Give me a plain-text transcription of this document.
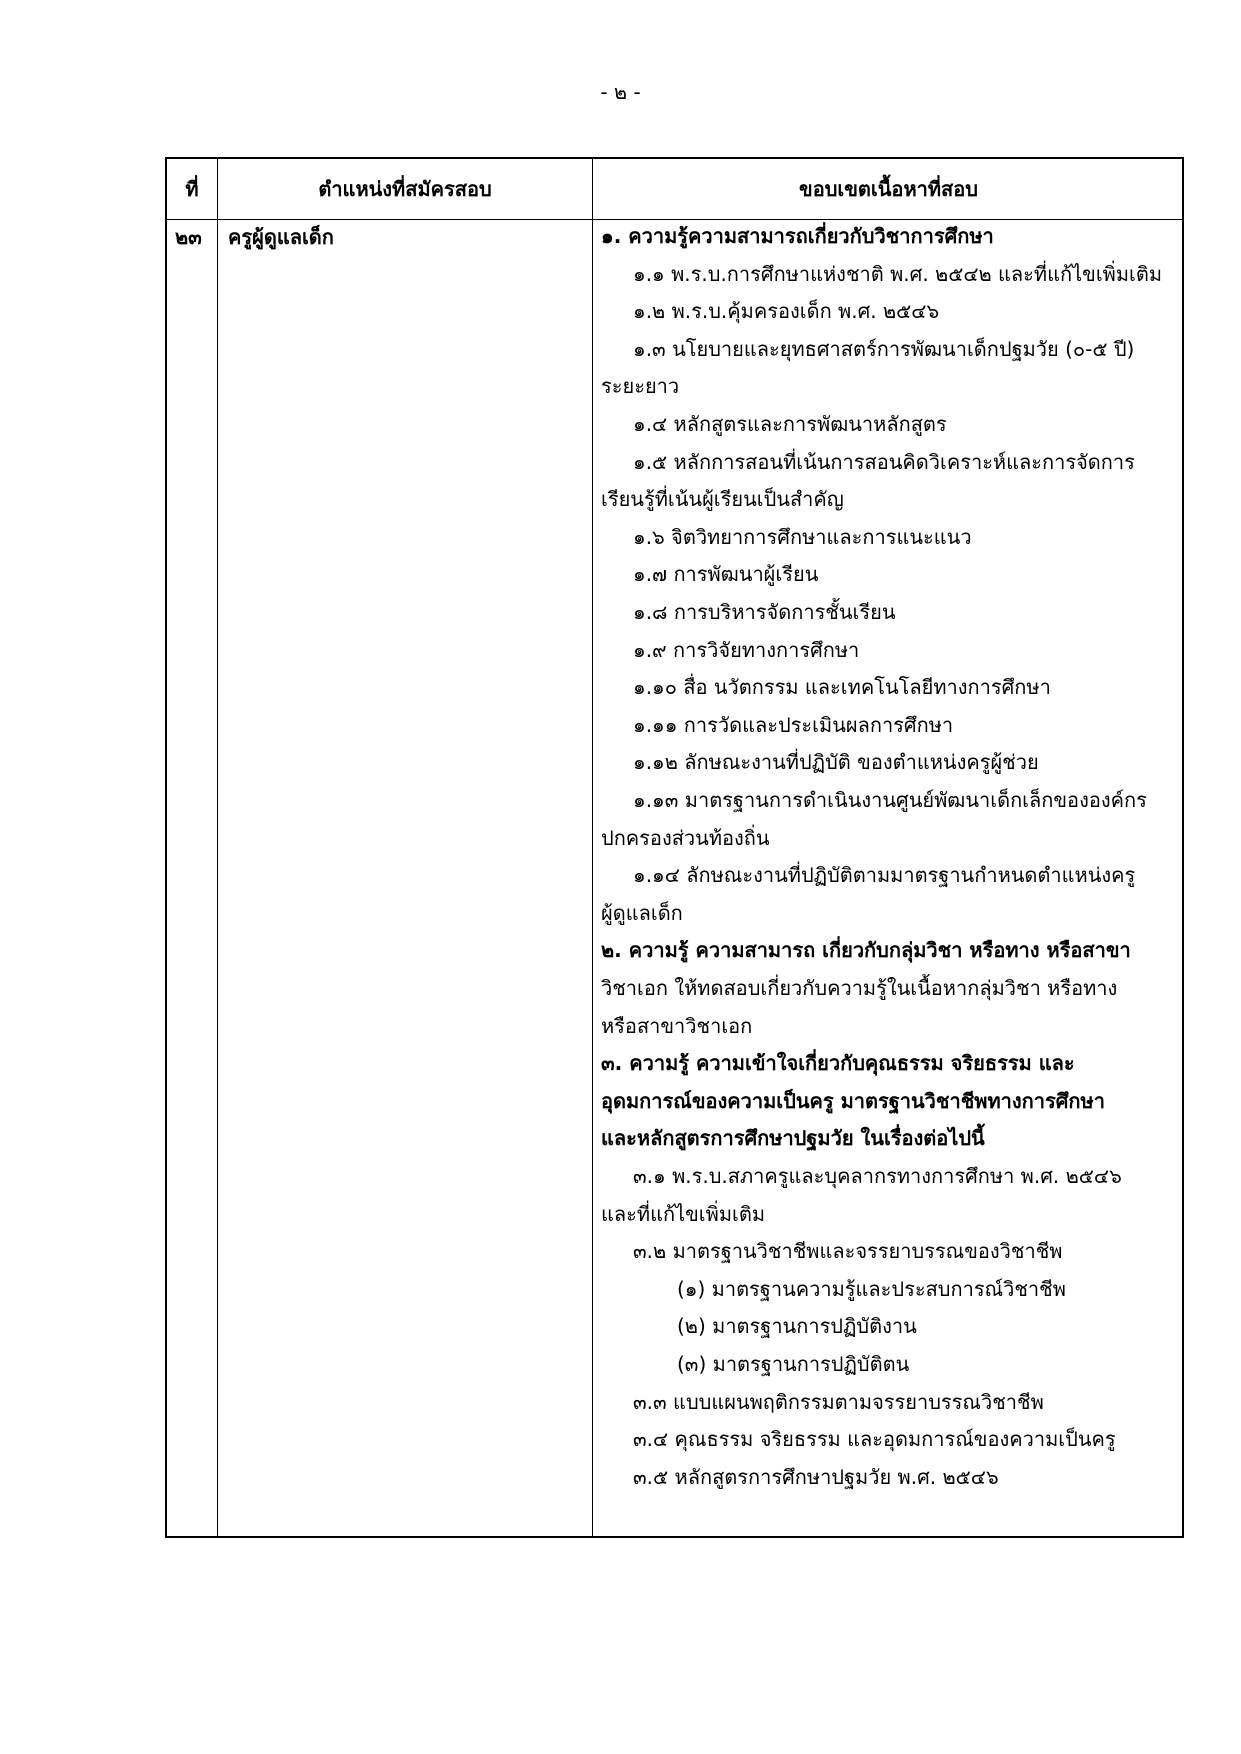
- ๒ -
ที่	ตำแหน่งที่สมัครสอบ	ขอบเขตเนื้อหาที่สอบ
๒๓ ครูผู้ดูแลเด็ก	๑. ความรู้ความสามารถเกี่ยวกับวิชาการศึกษา
๑.๑ พ.ร.บ.การศึกษาแห่งชาติ พ.ศ. ๒๕๔๒ และที่แก้ไขเพิ่มเติม
๑.๒ พ.ร.บ.คุ้มครองเด็ก พ.ศ. ๒๕๔๖
๑.๓ นโยบายและยุทธศาสตร์การพัฒนาเด็กปฐมวัย (๐-๕ ปี)
ระยะยาว
๑.๔ หลักสูตรและการพัฒนาหลักสูตร
๑.๕ หลักการสอนที่เน้นการสอนคิดวิเคราะห์และการจัดการ
เรียนรู้ที่เน้นผู้เรียนเป็นสำคัญ
๑.๖ จิตวิทยาการศึกษาและการแนะแนว
๑.๗ การพัฒนาผู้เรียน
๑.๘ การบริหารจัดการชั้นเรียน
๑.๙ การวิจัยทางการศึกษา
๑.๑๐ สื่อ นวัตกรรม และเทคโนโลยีทางการศึกษา
๑.๑๑ การวัดและประเมินผลการศึกษา
๑.๑๒ ลักษณะงานที่ปฏิบัติ ของตำแหน่งครูผู้ช่วย
๑.๑๓ มาตรฐานการดำเนินงานศูนย์พัฒนาเด็กเล็กขององค์กร
ปกครองส่วนท้องถิ่น
๑.๑๔ ลักษณะงานที่ปฏิบัติตามมาตรฐานกำหนดตำแหน่งครู
ผู้ดูแลเด็ก
๒. ความรู้ ความสามารถ เกี่ยวกับกลุ่มวิชา หรือทาง หรือสาขา
วิชาเอก ให้ทดสอบเกี่ยวกับความรู้ในเนื้อหากลุ่มวิชา หรือทาง
หรือสาขาวิชาเอก
๓. ความรู้ ความเข้าใจเกี่ยวกับคุณธรรม จริยธรรม และ
อุดมการณ์ของความเป็นครู มาตรฐานวิชาชีพทางการศึกษา
และหลักสูตรการศึกษาปฐมวัย ในเรื่องต่อไปนี้
๓.๑ พ.ร.บ.สภาครูและบุคลากรทางการศึกษา พ.ศ. ๒๕๔๖
และที่แก้ไขเพิ่มเติม
๓.๒ มาตรฐานวิชาชีพและจรรยาบรรณของวิชาชีพ
(๑) มาตรฐานความรู้และประสบการณ์วิชาชีพ
(๒) มาตรฐานการปฏิบัติงาน
(๓) มาตรฐานการปฏิบัติตน
๓.๓ แบบแผนพฤติกรรมตามจรรยาบรรณวิชาชีพ
๓.๔ คุณธรรม จริยธรรม และอุดมการณ์ของความเป็นครู
๓.๕ หลักสูตรการศึกษาปฐมวัย พ.ศ. ๒๕๔๖
